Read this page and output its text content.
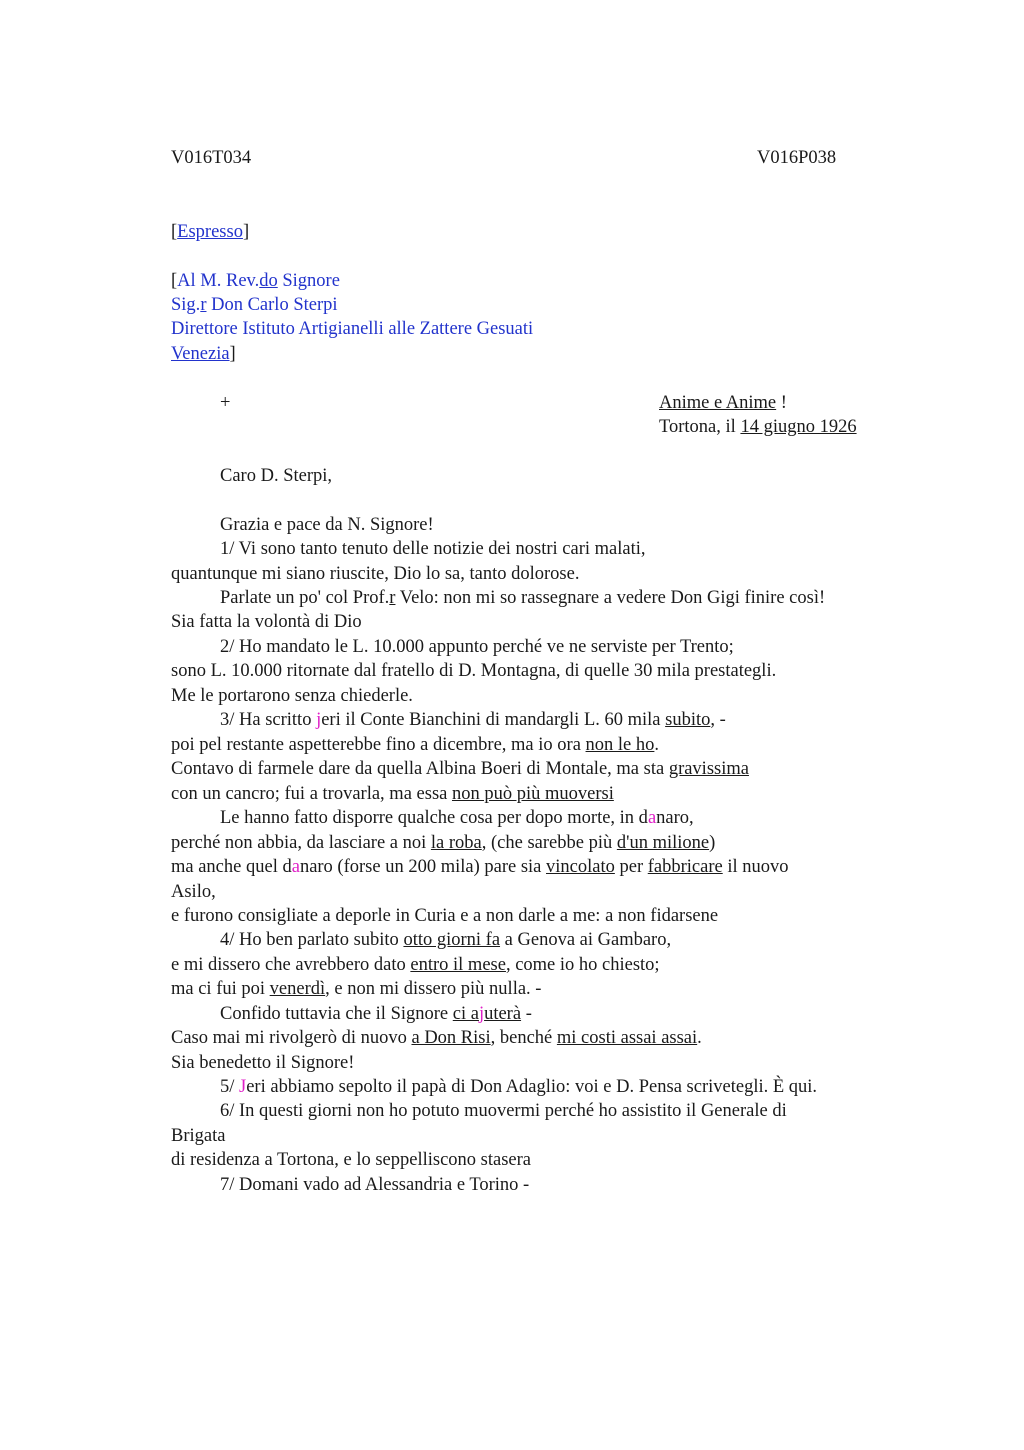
V016T034	V016P038
[Espresso]
[Al M. Rev.do Signore
Sig.r Don Carlo Sterpi
Direttore Istituto Artigianelli alle Zattere Gesuati
Venezia]
+	Anime e Anime !
Tortona, il 14 giugno 1926
Caro D. Sterpi,
Grazia e pace da N. Signore!
1/ Vi sono tanto tenuto delle notizie dei nostri cari malati,
quantunque mi siano riuscite, Dio lo sa, tanto dolorose.
Parlate un po' col Prof.r Velo: non mi so rassegnare a vedere Don Gigi finire così!
Sia fatta la volontà di Dio
2/ Ho mandato le L. 10.000 appunto perché ve ne serviste per Trento;
sono L. 10.000 ritornate dal fratello di D. Montagna, di quelle 30 mila prestategli.
Me le portarono senza chiederle.
3/ Ha scritto jeri il Conte Bianchini di mandargli L. 60 mila subito, -
poi pel restante aspetterebbe fino a dicembre, ma io ora non le ho.
Contavo di farmele dare da quella Albina Boeri di Montale, ma sta gravissima
con un cancro; fui a trovarla, ma essa non può più muoversi
Le hanno fatto disporre qualche cosa per dopo morte, in danaro,
perché non abbia, da lasciare a noi la roba, (che sarebbe più d'un milione)
ma anche quel danaro (forse un 200 mila) pare sia vincolato per fabbricare il nuovo
Asilo,
e furono consigliate a deporle in Curia e a non darle a me: a non fidarsene
4/ Ho ben parlato subito otto giorni fa a Genova ai Gambaro,
e mi dissero che avrebbero dato entro il mese, come io ho chiesto;
ma ci fui poi venerdì, e non mi dissero più nulla. -
Confido tuttavia che il Signore ci ajuterà -
Caso mai mi rivolgerò di nuovo a Don Risi, benché mi costi assai assai.
Sia benedetto il Signore!
5/ Jeri abbiamo sepolto il papà di Don Adaglio: voi e D. Pensa scrivetegli. È qui.
6/ In questi giorni non ho potuto muovermi perché ho assistito il Generale di
Brigata
di residenza a Tortona, e lo seppelliscono stasera
7/ Domani vado ad Alessandria e Torino -
